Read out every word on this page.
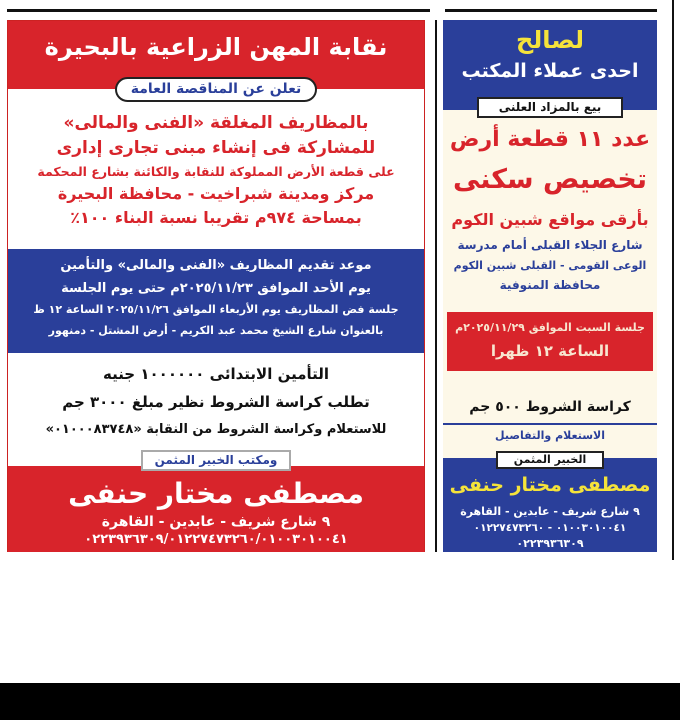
نقابة المهن الزراعية بالبحيرة
تعلن عن المناقصة العامة
بالمظاريف المغلقة «الفنى والمالى»
للمشاركة فى إنشاء مبنى تجارى إدارى
على قطعة الأرض المملوكة للنقابة والكائنة بشارع المحكمة
مركز ومدينة شبراخيت - محافظة البحيرة
بمساحة ٩٧٤م تقريبا نسبة البناء ١٠٠٪
موعد تقديم المظاريف «الفنى والمالى» والتأمين
يوم الأحد الموافق ٢٠٢٥/١١/٢٣م حتى يوم الجلسة
جلسة فض المظاريف يوم الأربعاء الموافق ٢٠٢٥/١١/٢٦ الساعة ١٢ ظ
بالعنوان شارع الشيخ محمد عبد الكريم - أرض المشتل - دمنهور
التأمين الابتدائى ١٠٠٠٠٠٠ جنيه
تطلب كراسة الشروط نظير مبلغ ٣٠٠٠ جم
للاستعلام وكراسة الشروط من النقابة «٠١٠٠٠٨٣٧٤٨»
ومكتب الخبير المثمن
مصطفى مختار حنفى
٩ شارع شريف - عابدين - القاهرة
٠٢٢٣٩٣٦٣٠٩/٠١٢٢٧٤٧٣٢٦٠/٠١٠٠٣٠١٠٠٤١
لصالح
احدى عملاء المكتب
بيع بالمزاد العلنى
عدد ١١ قطعة أرض
تخصيص سكنى
بأرقى مواقع شبين الكوم
شارع الجلاء القبلى أمام مدرسة
الوعى القومى - القبلى شبين الكوم
محافظة المنوفية
جلسة السبت الموافق ٢٠٢٥/١١/٢٩م
الساعة ١٢ ظهرا
كراسة الشروط ٥٠٠ جم
الاستعلام والتفاصيل
الخبير المثمن
مصطفى مختار حنفى
٩ شارع شريف - عابدين - القاهرة
٠١٠٠٣٠١٠٠٤١ - ٠١٢٢٧٤٧٣٢٦٠
٠٢٢٣٩٣٦٣٠٩
